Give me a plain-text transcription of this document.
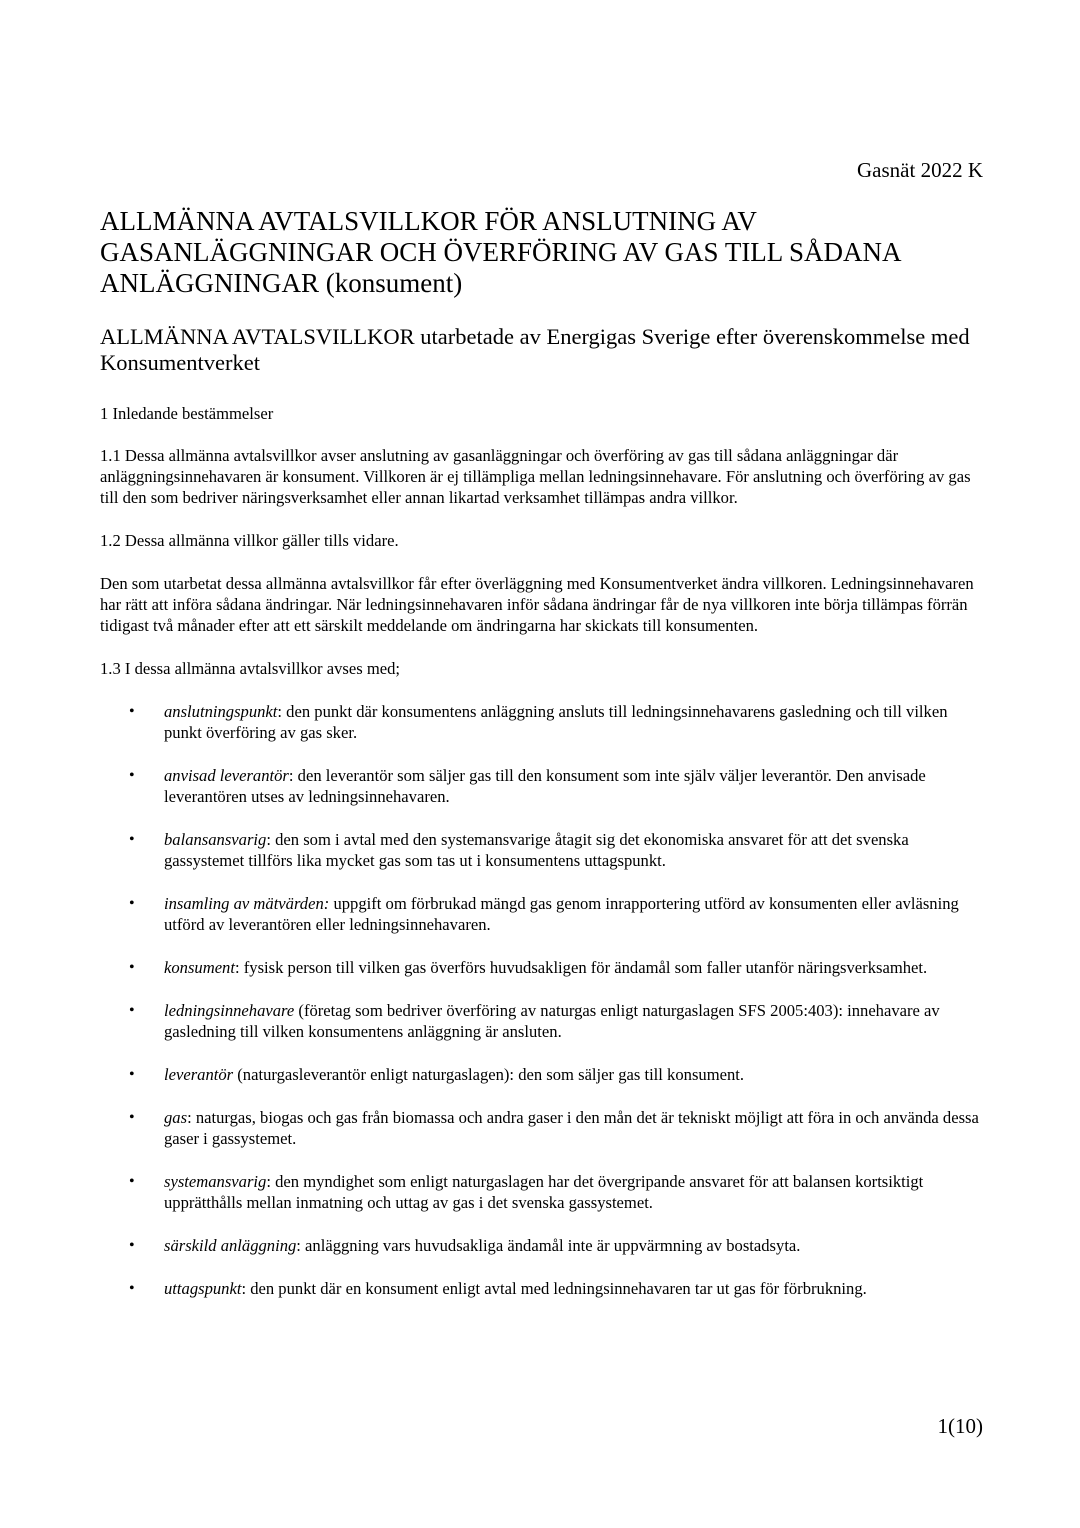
Gasnät 2022 K
ALLMÄNNA AVTALSVILLKOR FÖR ANSLUTNING AV GASANLÄGGNINGAR OCH ÖVERFÖRING AV GAS TILL SÅDANA ANLÄGGNINGAR (konsument)
ALLMÄNNA AVTALSVILLKOR utarbetade av Energigas Sverige efter överenskommelse med Konsumentverket

1 Inledande bestämmelser

1.1 Dessa allmänna avtalsvillkor avser anslutning av gasanläggningar och överföring av gas till sådana anläggningar där anläggningsinnehavaren är konsument. Villkoren är ej tillämpliga mellan ledningsinnehavare. För anslutning och överföring av gas till den som bedriver näringsverksamhet eller annan likartad verksamhet tillämpas andra villkor.

1.2 Dessa allmänna villkor gäller tills vidare.

Den som utarbetat dessa allmänna avtalsvillkor får efter överläggning med Konsumentverket ändra villkoren. Ledningsinnehavaren har rätt att införa sådana ändringar. När ledningsinnehavaren inför sådana ändringar får de nya villkoren inte börja tillämpas förrän tidigast två månader efter att ett särskilt meddelande om ändringarna har skickats till konsumenten.

1.3 I dessa allmänna avtalsvillkor avses med;

• anslutningspunkt: den punkt där konsumentens anläggning ansluts till ledningsinnehavarens gasledning och till vilken punkt överföring av gas sker.
• anvisad leverantör: den leverantör som säljer gas till den konsument som inte själv väljer leverantör. Den anvisade leverantören utses av ledningsinnehavaren.
• balansansvarig: den som i avtal med den systemansvarige åtagit sig det ekonomiska ansvaret för att det svenska gassystemet tillförs lika mycket gas som tas ut i konsumentens uttagspunkt.
• insamling av mätvärden: uppgift om förbrukad mängd gas genom inrapportering utförd av konsumenten eller avläsning utförd av leverantören eller ledningsinnehavaren.
• konsument: fysisk person till vilken gas överförs huvudsakligen för ändamål som faller utanför näringsverksamhet.
• ledningsinnehavare (företag som bedriver överföring av naturgas enligt naturgaslagen SFS 2005:403): innehavare av gasledning till vilken konsumentens anläggning är ansluten.
• leverantör (naturgasleverantör enligt naturgaslagen): den som säljer gas till konsument.
• gas: naturgas, biogas och gas från biomassa och andra gaser i den mån det är tekniskt möjligt att föra in och använda dessa gaser i gassystemet.
• systemansvarig: den myndighet som enligt naturgaslagen har det övergripande ansvaret för att balansen kortsiktigt upprätthålls mellan inmatning och uttag av gas i det svenska gassystemet.
• särskild anläggning: anläggning vars huvudsakliga ändamål inte är uppvärmning av bostadsyta.
• uttagspunkt: den punkt där en konsument enligt avtal med ledningsinnehavaren tar ut gas för förbrukning.
1(10)
